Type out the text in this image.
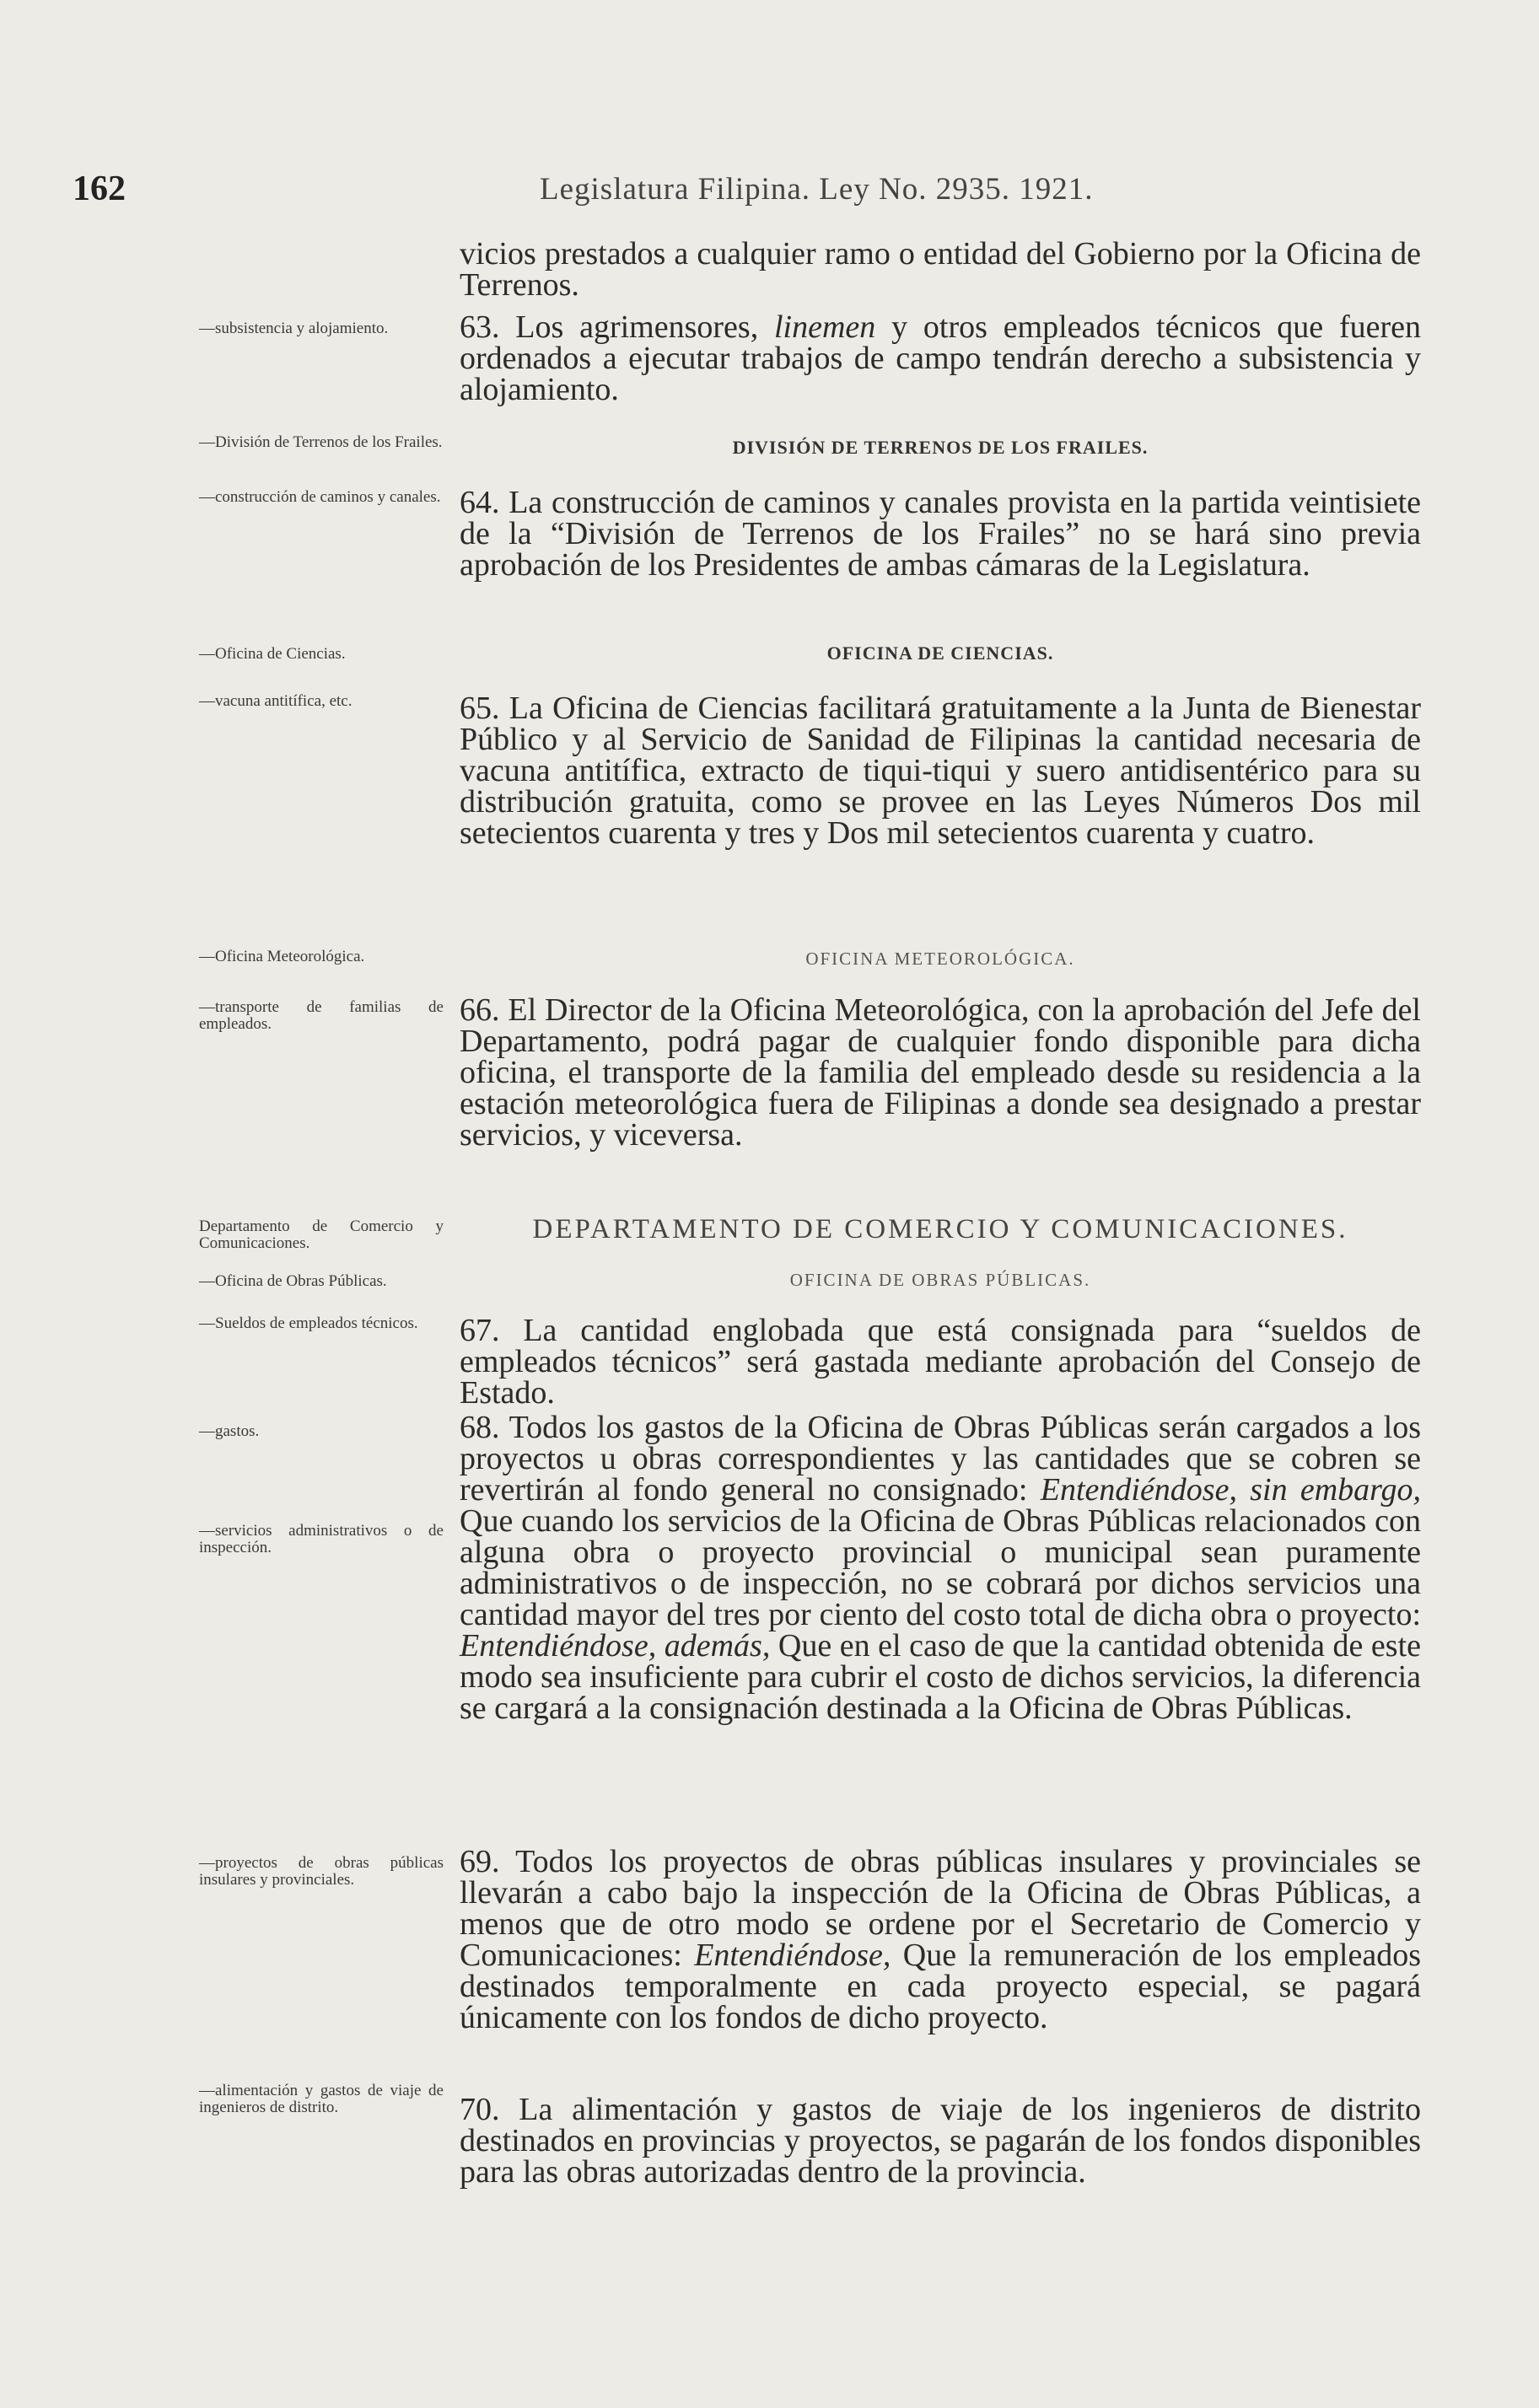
162	Legislatura Filipina. Ley No. 2935. 1921.
vicios prestados a cualquier ramo o entidad del Gobierno por la Oficina de Terrenos.
63. Los agrimensores, linemen y otros empleados técnicos que fueren ordenados a ejecutar trabajos de campo tendrán derecho a subsistencia y alojamiento.
DIVISIÓN DE TERRENOS DE LOS FRAILES.
64. La construcción de caminos y canales provista en la partida veintisiete de la “División de Terrenos de los Frailes” no se hará sino previa aprobación de los Presidentes de ambas cámaras de la Legislatura.
OFICINA DE CIENCIAS.
65. La Oficina de Ciencias facilitará gratuitamente a la Junta de Bienestar Público y al Servicio de Sanidad de Filipinas la cantidad necesaria de vacuna antitífica, extracto de tiqui-tiqui y suero antidisentérico para su distribución gratuita, como se provee en las Leyes Números Dos mil setecientos cuarenta y tres y Dos mil setecientos cuarenta y cuatro.
OFICINA METEOROLÓGICA.
66. El Director de la Oficina Meteorológica, con la aprobación del Jefe del Departamento, podrá pagar de cualquier fondo disponible para dicha oficina, el transporte de la familia del empleado desde su residencia a la estación meteorológica fuera de Filipinas a donde sea designado a prestar servicios, y viceversa.
DEPARTAMENTO DE COMERCIO Y COMUNICACIONES.
OFICINA DE OBRAS PÚBLICAS.
67. La cantidad englobada que está consignada para “sueldos de empleados técnicos” será gastada mediante aprobación del Consejo de Estado.
68. Todos los gastos de la Oficina de Obras Públicas serán cargados a los proyectos u obras correspondientes y las cantidades que se cobren se revertirán al fondo general no consignado: Entendiéndose, sin embargo, Que cuando los servicios de la Oficina de Obras Públicas relacionados con alguna obra o proyecto provincial o municipal sean puramente administrativos o de inspección, no se cobrará por dichos servicios una cantidad mayor del tres por ciento del costo total de dicha obra o proyecto: Entendiéndose, además, Que en el caso de que la cantidad obtenida de este modo sea insuficiente para cubrir el costo de dichos servicios, la diferencia se cargará a la consignación destinada a la Oficina de Obras Públicas.
69. Todos los proyectos de obras públicas insulares y provinciales se llevarán a cabo bajo la inspección de la Oficina de Obras Públicas, a menos que de otro modo se ordene por el Secretario de Comercio y Comunicaciones: Entendiéndose, Que la remuneración de los empleados destinados temporalmente en cada proyecto especial, se pagará únicamente con los fondos de dicho proyecto.
70. La alimentación y gastos de viaje de los ingenieros de distrito destinados en provincias y proyectos, se pagarán de los fondos disponibles para las obras autorizadas dentro de la provincia.
—subsistencia y alojamiento.
—División de Terrenos de los Frailes.
—construcción de caminos y canales.
—Oficina de Ciencias.
—vacuna antitífica, etc.
—Oficina Meteorológica.
—transporte de familias de empleados.
Departamento de Comercio y Comunicaciones.
—Oficina de Obras Públicas.
—Sueldos de empleados técnicos.
—gastos.
—servicios administrativos o de inspección.
—proyectos de obras públicas insulares y provinciales.
—alimentación y gastos de viaje de ingenieros de distrito.
